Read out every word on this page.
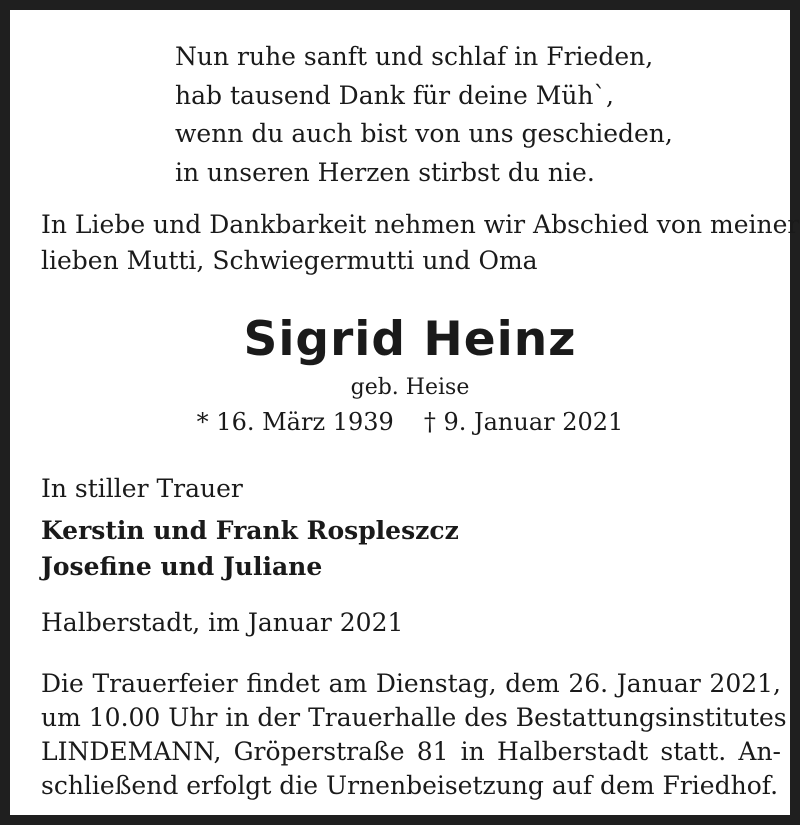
Nun ruhe sanft und schlaf in Frieden,
hab tausend Dank für deine Müh`,
wenn du auch bist von uns geschieden,
in unseren Herzen stirbst du nie.
In Liebe und Dankbarkeit nehmen wir Abschied von meiner
lieben Mutti, Schwiegermutti und Oma
Sigrid Heinz
geb. Heise
* 16. März 1939 † 9. Januar 2021
In stiller Trauer
Kerstin und Frank Rospleszcz
Josefine und Juliane
Halberstadt, im Januar 2021
Die Trauerfeier findet am Dienstag, dem 26. Januar 2021,
um 10.00 Uhr in der Trauerhalle des Bestattungsinstitutes
LINDEMANN, Gröperstraße 81 in Halberstadt statt. An-
schließend erfolgt die Urnenbeisetzung auf dem Friedhof.
